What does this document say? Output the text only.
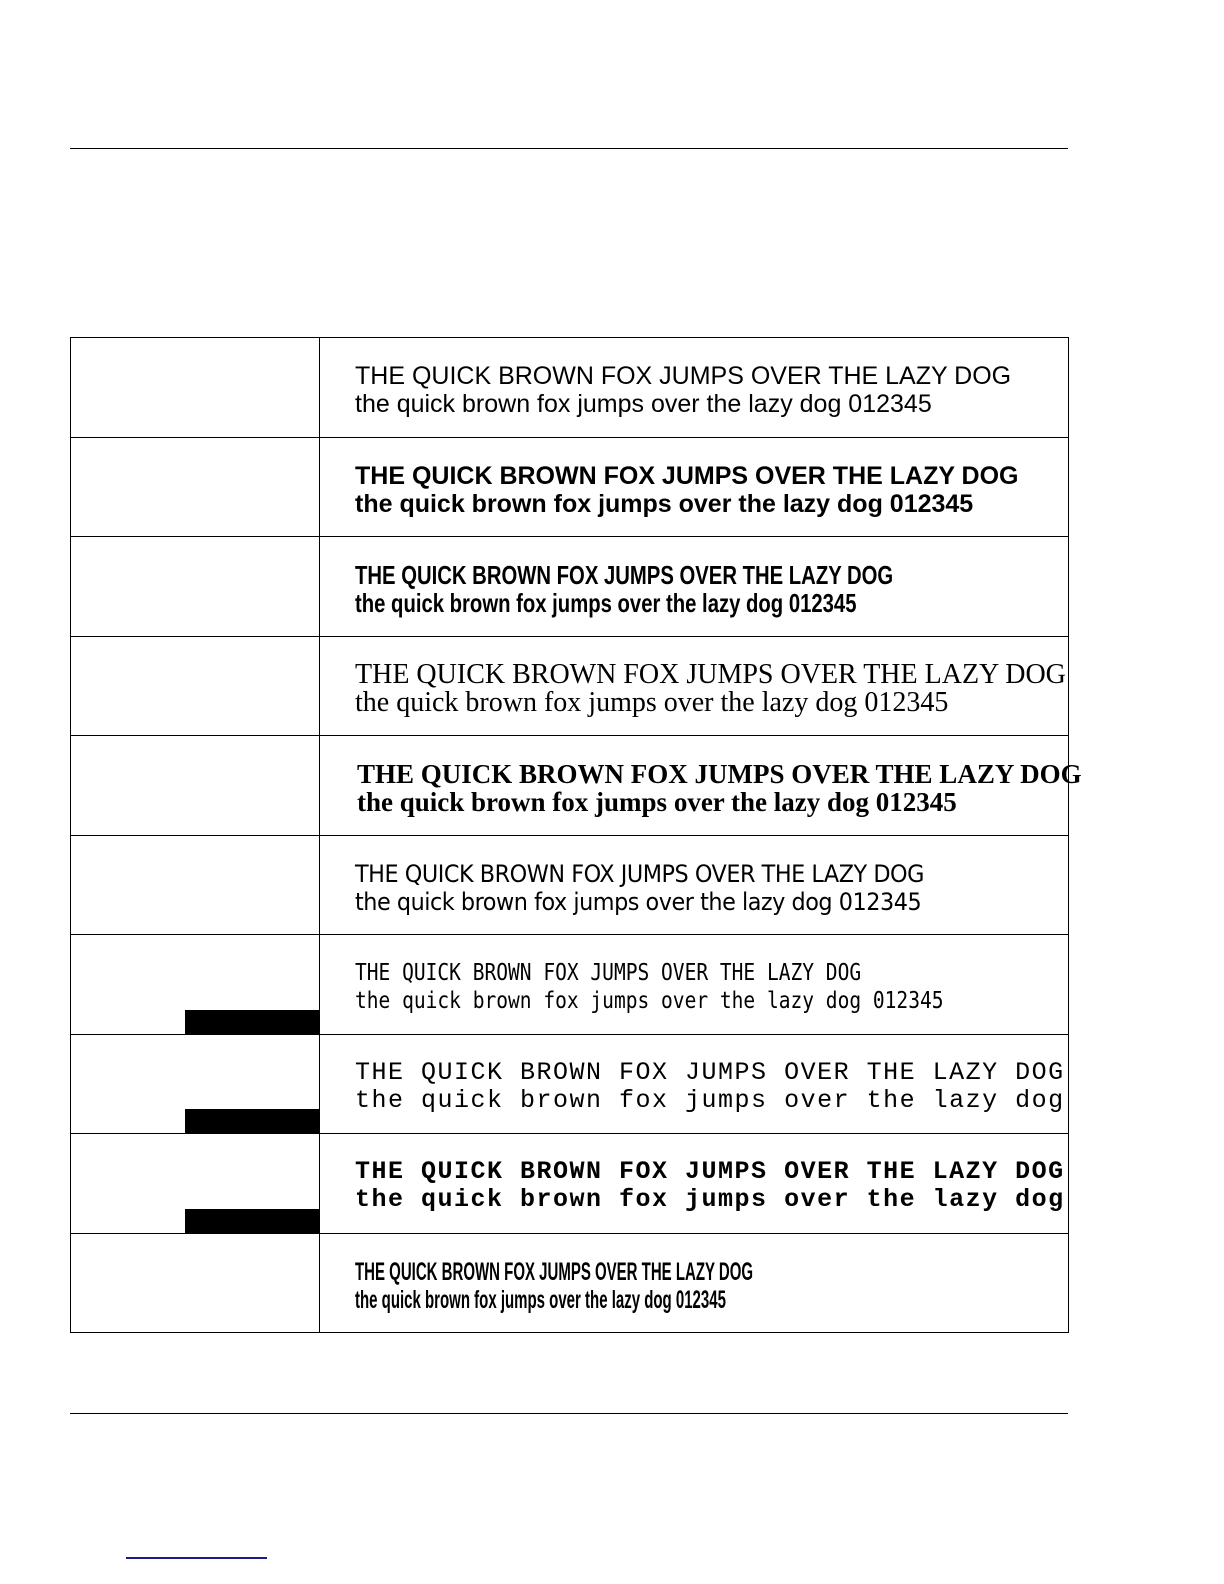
	THE QUICK BROWN FOX JUMPS OVER THE LAZY DOG
the quick brown fox jumps over the lazy dog 012345

	THE QUICK BROWN FOX JUMPS OVER THE LAZY DOG
the quick brown fox jumps over the lazy dog 012345

	THE QUICK BROWN FOX JUMPS OVER THE LAZY DOG
the quick brown fox jumps over the lazy dog 012345

	THE QUICK BROWN FOX JUMPS OVER THE LAZY DOG
the quick brown fox jumps over the lazy dog 012345

	THE QUICK BROWN FOX JUMPS OVER THE LAZY DOG
the quick brown fox jumps over the lazy dog 012345

	THE QUICK BROWN FOX JUMPS OVER THE LAZY DOG
the quick brown fox jumps over the lazy dog 012345

	THE QUICK BROWN FOX JUMPS OVER THE LAZY DOG
the quick brown fox jumps over the lazy dog 012345

	THE QUICK BROWN FOX JUMPS OVER THE LAZY DOG
the quick brown fox jumps over the lazy dog

	THE QUICK BROWN FOX JUMPS OVER THE LAZY DOG
the quick brown fox jumps over the lazy dog

	THE QUICK BROWN FOX JUMPS OVER THE LAZY DOG
the quick brown fox jumps over the lazy dog 012345
